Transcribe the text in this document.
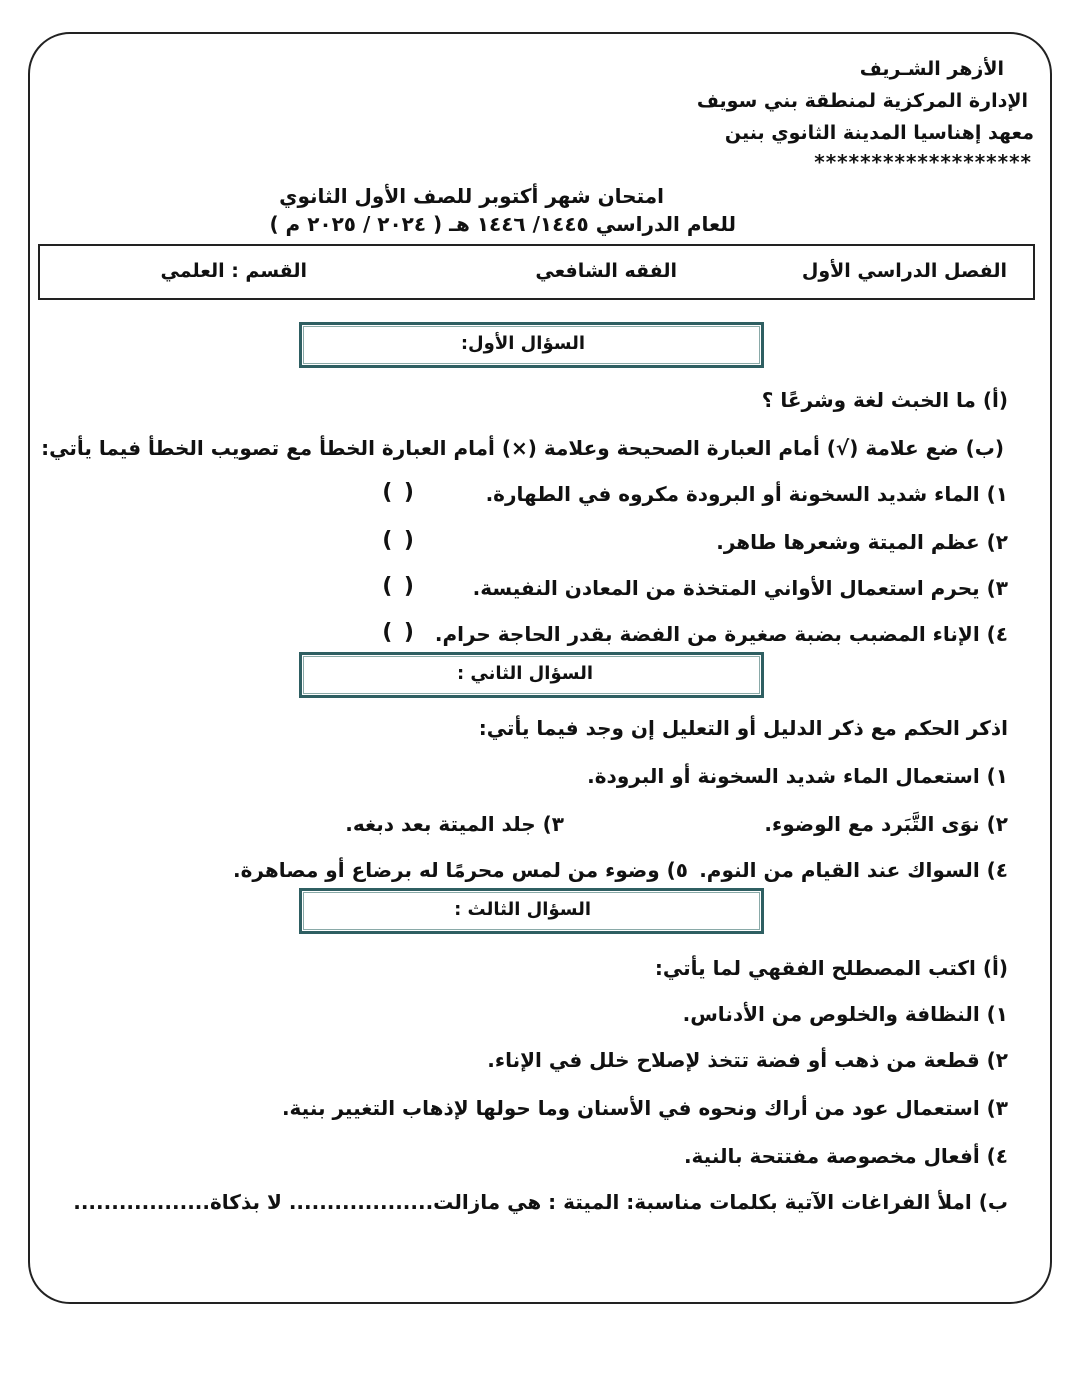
الأزهر الشـريف
الإدارة المركزية لمنطقة بني سويف
معهد إهناسيا المدينة الثانوي بنين
*******************
امتحان شهر أكتوبر للصف الأول الثانوي
للعام الدراسي ١٤٤٥/ ١٤٤٦ هـ ( ٢٠٢٤ / ٢٠٢٥ م )
الفصل الدراسي الأول
الفقه الشافعي
القسم : العلمي
السؤال الأول:
(أ) ما الخبث لغة وشرعًا ؟
(ب) ضع علامة (√) أمام العبارة الصحيحة وعلامة (×) أمام العبارة الخطأ مع تصويب الخطأ فيما يأتي:
١) الماء شديد السخونة أو البرودة مكروه في الطهارة.
( )
٢) عظم الميتة وشعرها طاهر.
( )
٣) يحرم استعمال الأواني المتخذة من المعادن النفيسة.
( )
٤) الإناء المضبب بضبة صغيرة من الفضة بقدر الحاجة حرام.
( )
السؤال الثاني :
اذكر الحكم مع ذكر الدليل أو التعليل إن وجد فيما يأتي:
١) استعمال الماء شديد السخونة أو البرودة.
٢) نوَى التَّبَرد مع الوضوء.
٣) جلد الميتة بعد دبغه.
٤) السواك عند القيام من النوم.
٥) وضوء من لمس محرمًا له برضاع أو مصاهرة.
السؤال الثالث :
(أ) اكتب المصطلح الفقهي لما يأتي:
١) النظافة والخلوص من الأدناس.
٢) قطعة من ذهب أو فضة تتخذ لإصلاح خلل في الإناء.
٣) استعمال عود من أراك ونحوه في الأسنان وما حولها لإذهاب التغيير بنية.
٤) أفعال مخصوصة مفتتحة بالنية.
ب) املأ الفراغات الآتية بكلمات مناسبة: الميتة : هي مازالت................... لا بذكاة..................
